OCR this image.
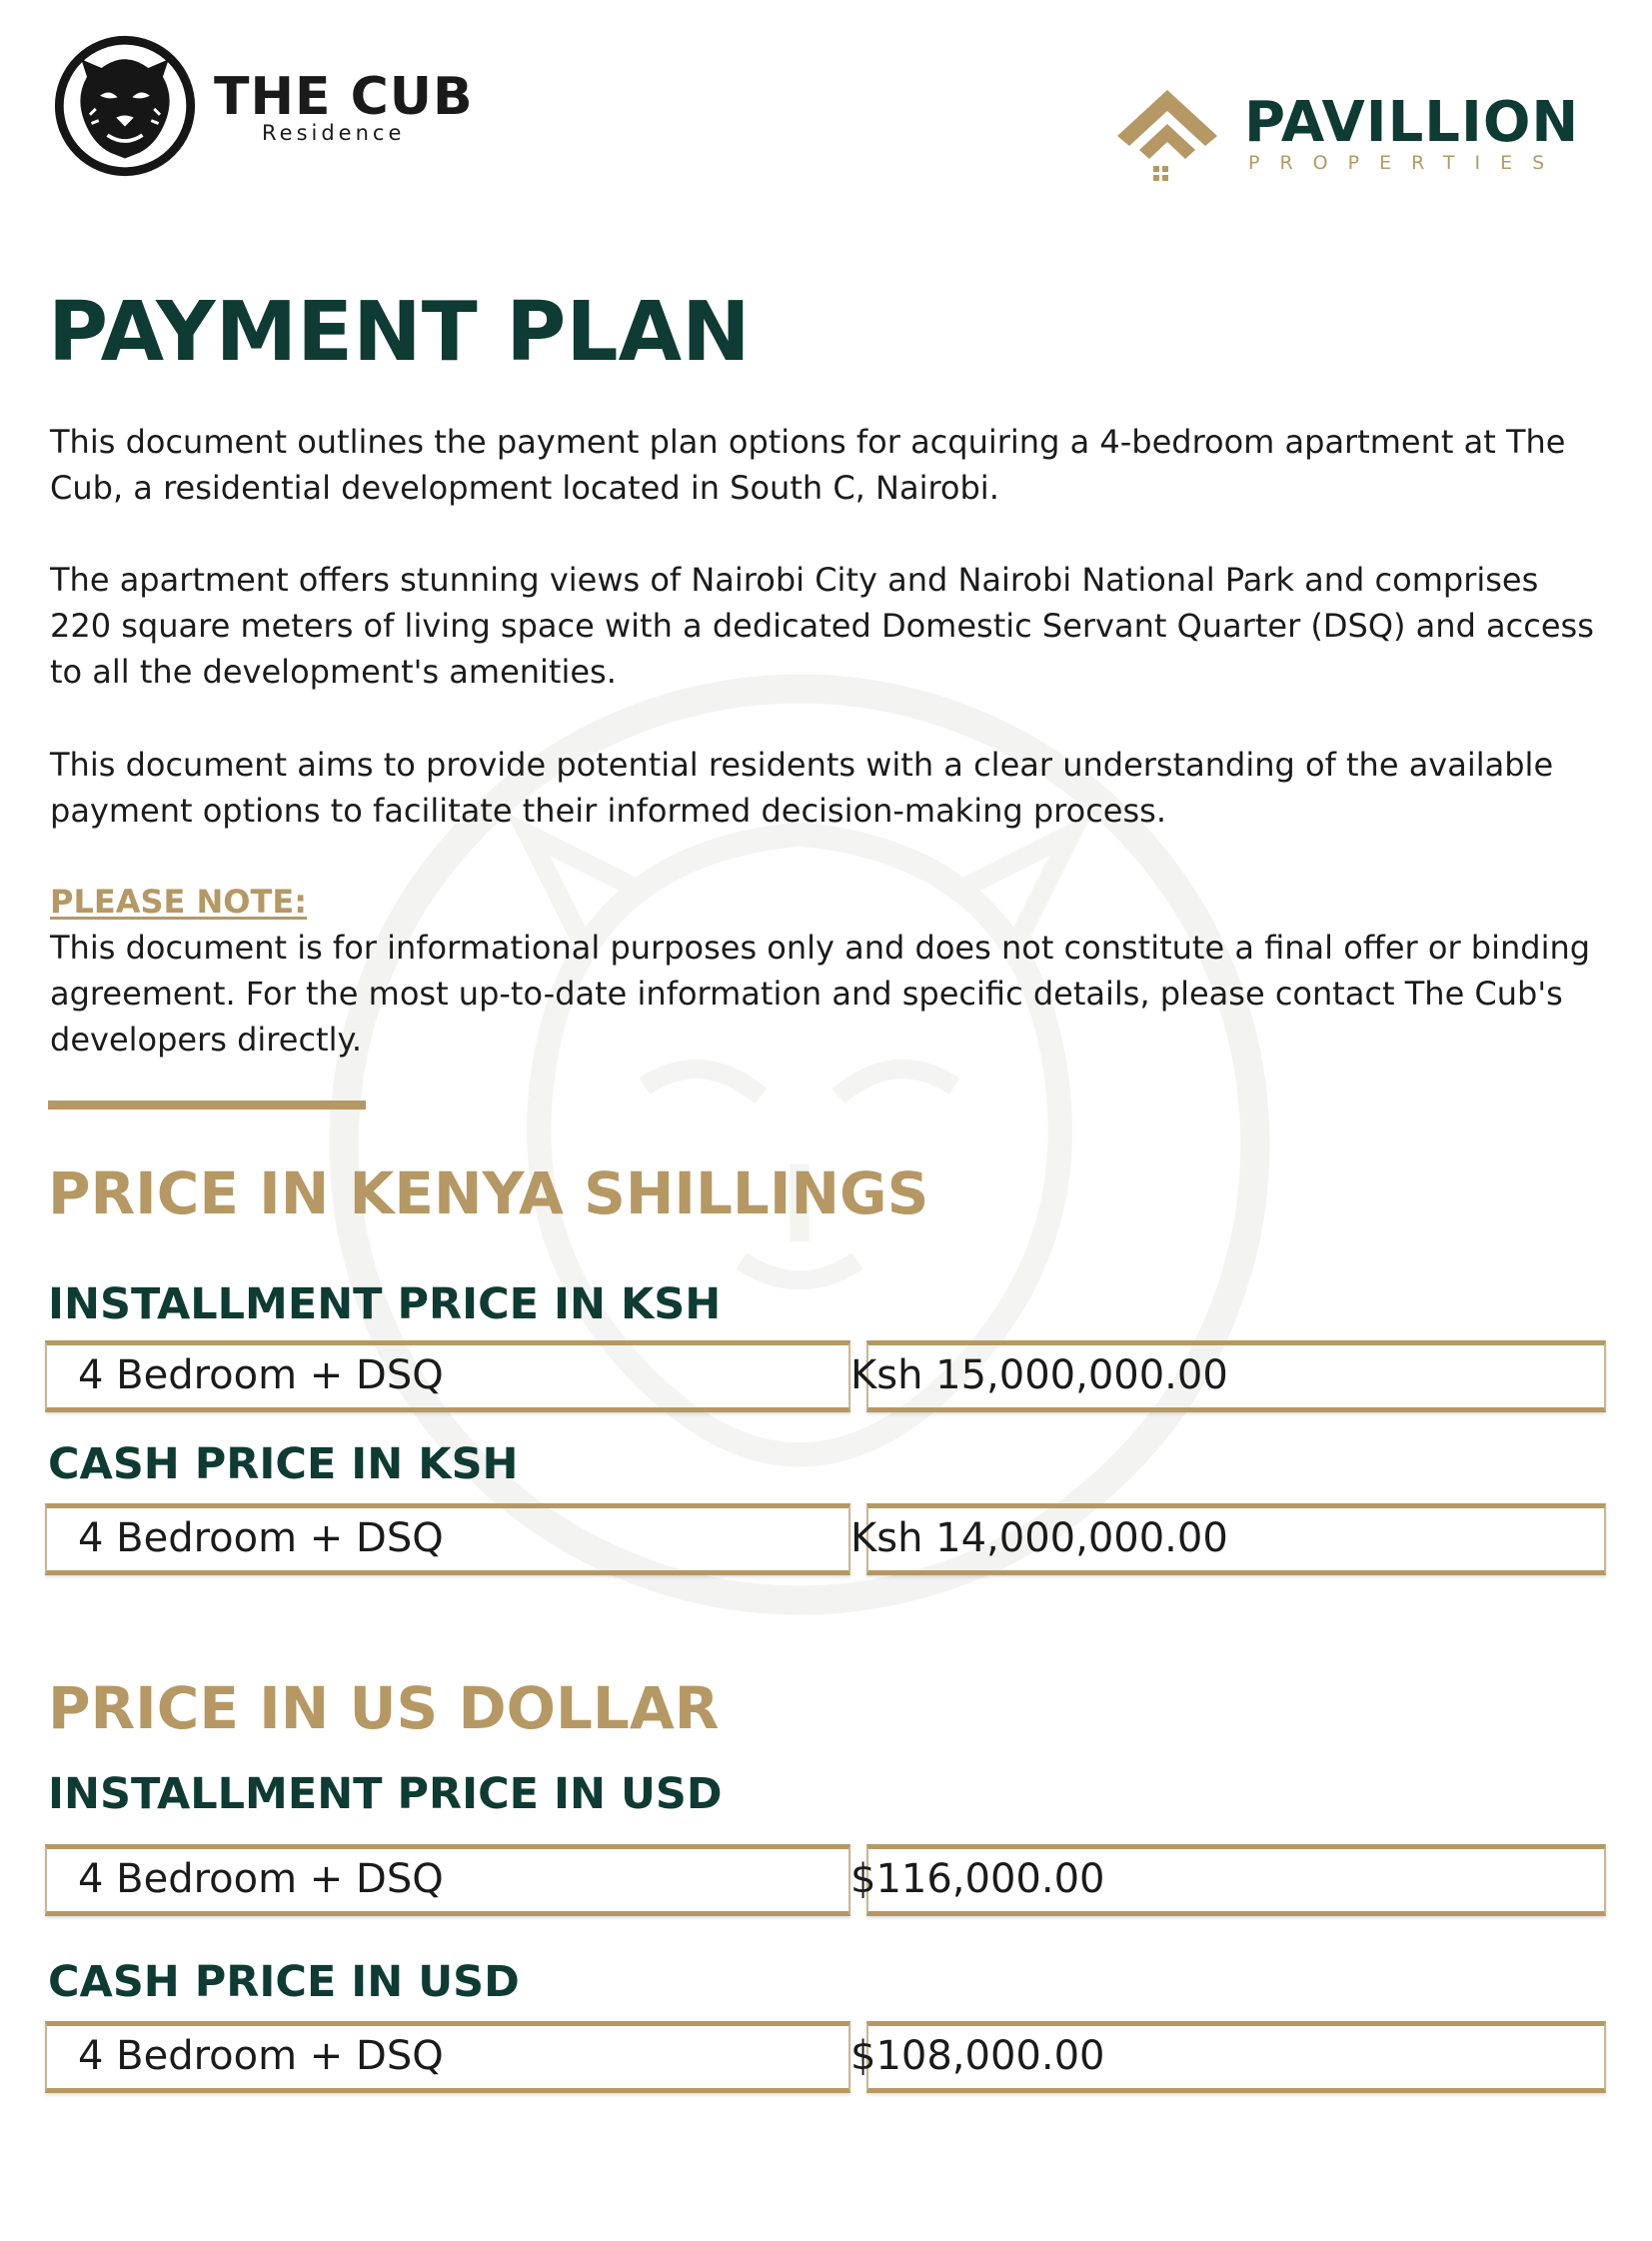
THE CUB
Residence	PAVILLION
PROPERTIES
PAYMENT PLAN

This document outlines the payment plan options for acquiring a 4-bedroom apartment at The Cub, a residential development located in South C, Nairobi.

The apartment offers stunning views of Nairobi City and Nairobi National Park and comprises 220 square meters of living space with a dedicated Domestic Servant Quarter (DSQ) and access to all the development's amenities.

This document aims to provide potential residents with a clear understanding of the available payment options to facilitate their informed decision-making process.

PLEASE NOTE:

This document is for informational purposes only and does not constitute a final offer or binding agreement. For the most up-to-date information and specific details, please contact The Cub's developers directly.

PRICE IN KENYA SHILLINGS
INSTALLMENT PRICE IN KSH
4 Bedroom + DSQ	Ksh 15,000,000.00
CASH PRICE IN KSH
4 Bedroom + DSQ	Ksh 14,000,000.00
PRICE IN US DOLLAR
INSTALLMENT PRICE IN USD
4 Bedroom + DSQ	$116,000.00
CASH PRICE IN USD
4 Bedroom + DSQ	$108,000.00
